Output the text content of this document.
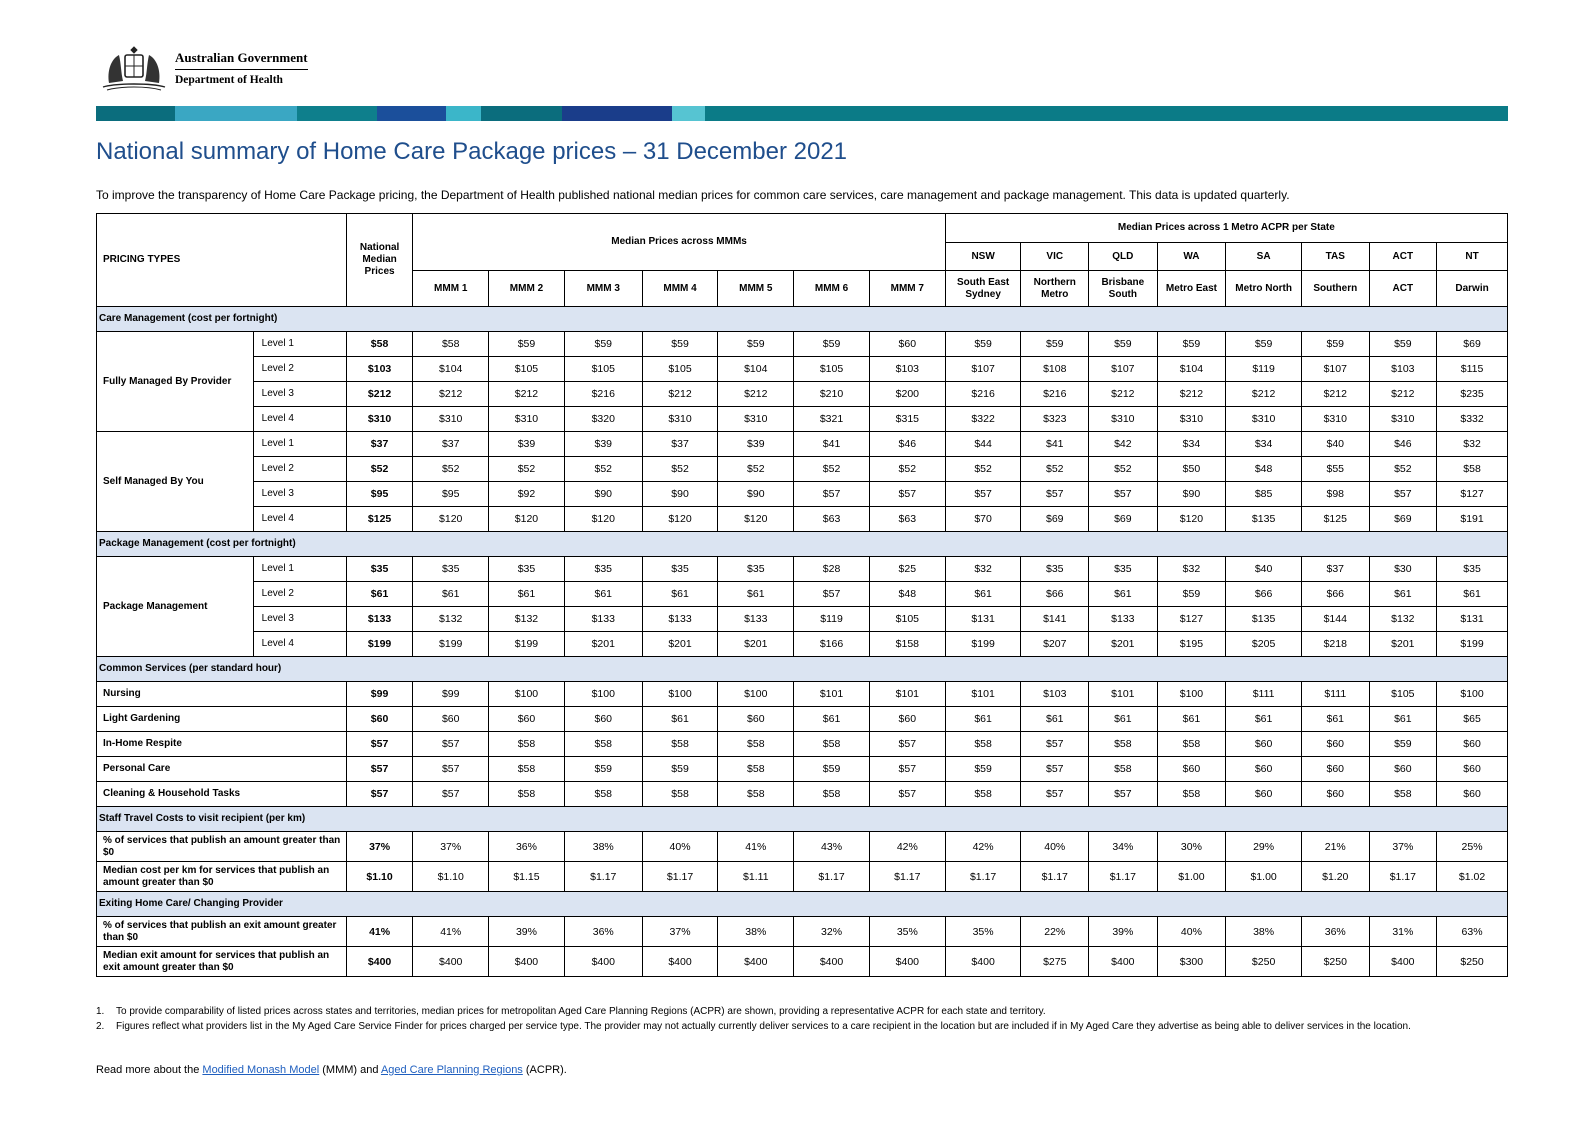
Australian Government
Department of Health
National summary of Home Care Package prices – 31 December 2021
To improve the transparency of Home Care Package pricing, the Department of Health published national median prices for common care services, care management and package management. This data is updated quarterly.
PRICING TYPES		National Median Prices	Median Prices across MMMs							Median Prices across 1 Metro ACPR per State							
										NSW	VIC	QLD	WA	SA	TAS	ACT	NT
			MMM 1	MMM 2	MMM 3	MMM 4	MMM 5	MMM 6	MMM 7	South East Sydney	Northern Metro	Brisbane South	Metro East	Metro North	Southern	ACT	Darwin
Care Management (cost per fortnight)																	
Fully Managed By Provider	Level 1	$58	$58	$59	$59	$59	$59	$59	$60	$59	$59	$59	$59	$59	$59	$59	$69
	Level 2	$103	$104	$105	$105	$105	$104	$105	$103	$107	$108	$107	$104	$119	$107	$103	$115
	Level 3	$212	$212	$212	$216	$212	$212	$210	$200	$216	$216	$212	$212	$212	$212	$212	$235
	Level 4	$310	$310	$310	$320	$310	$310	$321	$315	$322	$323	$310	$310	$310	$310	$310	$332
Self Managed By You	Level 1	$37	$37	$39	$39	$37	$39	$41	$46	$44	$41	$42	$34	$34	$40	$46	$32
	Level 2	$52	$52	$52	$52	$52	$52	$52	$52	$52	$52	$52	$50	$48	$55	$52	$58
	Level 3	$95	$95	$92	$90	$90	$90	$57	$57	$57	$57	$57	$90	$85	$98	$57	$127
	Level 4	$125	$120	$120	$120	$120	$120	$63	$63	$70	$69	$69	$120	$135	$125	$69	$191
Package Management (cost per fortnight)																	
Package Management	Level 1	$35	$35	$35	$35	$35	$35	$28	$25	$32	$35	$35	$32	$40	$37	$30	$35
	Level 2	$61	$61	$61	$61	$61	$61	$57	$48	$61	$66	$61	$59	$66	$66	$61	$61
	Level 3	$133	$132	$132	$133	$133	$133	$119	$105	$131	$141	$133	$127	$135	$144	$132	$131
	Level 4	$199	$199	$199	$201	$201	$201	$166	$158	$199	$207	$201	$195	$205	$218	$201	$199
Common Services (per standard hour)																	
Nursing		$99	$99	$100	$100	$100	$100	$101	$101	$101	$103	$101	$100	$111	$111	$105	$100
Light Gardening		$60	$60	$60	$60	$61	$60	$61	$60	$61	$61	$61	$61	$61	$61	$61	$65
In-Home Respite		$57	$57	$58	$58	$58	$58	$58	$57	$58	$57	$58	$58	$60	$60	$59	$60
Personal Care		$57	$57	$58	$59	$59	$58	$59	$57	$59	$57	$58	$60	$60	$60	$60	$60
Cleaning & Household Tasks		$57	$57	$58	$58	$58	$58	$58	$57	$58	$57	$57	$58	$60	$60	$58	$60
Staff Travel Costs to visit recipient (per km)																	
% of services that publish an amount greater than $0		37%	37%	36%	38%	40%	41%	43%	42%	42%	40%	34%	30%	29%	21%	37%	25%
Median cost per km for services that publish an amount greater than $0		$1.10	$1.10	$1.15	$1.17	$1.17	$1.11	$1.17	$1.17	$1.17	$1.17	$1.17	$1.00	$1.00	$1.20	$1.17	$1.02
Exiting Home Care/ Changing Provider																	
% of services that publish an exit amount greater than $0		41%	41%	39%	36%	37%	38%	32%	35%	35%	22%	39%	40%	38%	36%	31%	63%
Median exit amount for services that publish an exit amount greater than $0		$400	$400	$400	$400	$400	$400	$400	$400	$400	$275	$400	$300	$250	$250	$400	$250
1.	To provide comparability of listed prices across states and territories, median prices for metropolitan Aged Care Planning Regions (ACPR) are shown, providing a representative ACPR for each state and territory.
2.	Figures reflect what providers list in the My Aged Care Service Finder for prices charged per service type. The provider may not actually currently deliver services to a care recipient in the location but are included if in My Aged Care they advertise as being able to deliver services in the location.
Read more about the Modified Monash Model (MMM) and Aged Care Planning Regions (ACPR).
